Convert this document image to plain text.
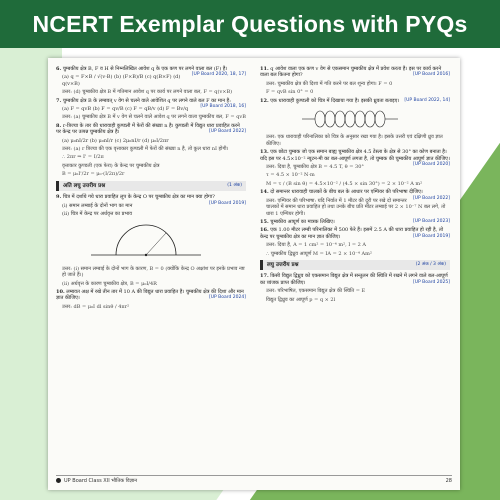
NCERT Exemplar Questions with PYQs
6. चुम्बकीय क्षेत्र B, F व H से निम्नलिखित आवेश q के एक कण पर लगने वाला बल (F) है।
[UP Board 2020, 18, 17]
(a) q = F×B / √(v·B) (b) (F×B)/B (c) q(B×F) (d) q(v×B)
उत्तर: (d) चुम्बकीय क्षेत्र B में गतिमान आवेश q पर कार्य पर लगने वाला बल, F = q(v×B)
7. चुम्बकीय क्षेत्र B के लम्बवत् v वेग से चलने वाले आवेशित q पर लगने वाले बल F का मान है:
[UP Board 2018, 16]
(a) F = qvB (b) F = qv/B (c) F = qB/v (d) F = Bv/q
उत्तर: (a) चुम्बकीय क्षेत्र B में v वेग से चलने वाले आवेश q पर लगने वाला चुम्बकीय बल, F = qvB
8. r-त्रिज्या के तार की धारावाही कुण्डली में फेरों की संख्या n है। कुण्डली में विद्युत धारा प्रवाहित करने पर केन्द्र पर उत्पन्न चुम्बकीय क्षेत्र है।	[UP Board 2022]
(a) μ₀nI/2r (b) μ₀nI/r (c) 2μ₀nI/r (d) μ₀I/2πr
उत्तर: (a) r त्रिज्या की एक वृत्ताकार कुण्डली में फेरों की संख्या n है, तो कुल धारा nI होगी।
∴ 2πr ⇒ I' = I/2π
वृत्ताकार कुण्डली (एक फेरा) के केन्द्र पर चुम्बकीय क्षेत्र
B = μ₀I'/2r = μ₀·(I/2π)/2r
अति लघु उत्तरीय प्रश्न	(1 अंक)
9. चित्र में दर्शाये गये धारा प्रवाहित लूप के केन्द्र O पर चुम्बकीय क्षेत्र का मान क्या होगा?
[UP Board 2019]
(i) समान लम्बाई के दोनों भाग का मान
(ii) चित्र में केन्द्र पर अर्धवृत्त का प्रभाव
उत्तर: (i) समान लम्बाई के दोनों भाग के कारण, B = 0 (क्योंकि केन्द्र O अक्षांश पर इनके प्रभाव नष्ट हो जाते हैं।)
(ii) अर्धवृत्त के कारण चुम्बकीय क्षेत्र, B = μ₀I/4R
10. लम्बवत अक्ष में रखे तीन तार में 10 A की विद्युत धारा प्रवाहित है। चुम्बकीय क्षेत्र की दिशा और मान ज्ञात कीजिए।	[UP Board 2024]
उत्तर: dB = μ₀I dl sinθ / 4πr²
11. q आवेश वाला एक कण v वेग से एकसमान चुम्बकीय क्षेत्र में प्रवेश करता है। इस पर कार्य करने वाला बल कितना होगा?	[UP Board 2016]
उत्तर: चुम्बकीय क्षेत्र की दिशा में गति करने पर बल शून्य होगा। F = 0
F = qvB sin 0° = 0
12. एक धारावाही कुण्डली को चित्र में दिखाया गया है। इसकी ध्रुवता बताइए। [UP Board 2022, 14]
उत्तर: एक धारावाही परिनालिका को चित्र के अनुसार रखा गया है। इसके उत्तरी एवं दक्षिणी ध्रुव ज्ञात कीजिए।
13. एक छोटा चुम्बक जो एक समान बाह्य चुम्बकीय क्षेत्र 4.5 टेस्ला के क्षेत्र से 30° का कोण बनाता है। यदि इस पर 4.5×10⁻² न्यूटन-मी का बल-आघूर्ण लगता है, तो चुम्बक की चुम्बकीय आघूर्ण ज्ञात कीजिए।
[UP Board 2020]
उत्तर: दिया है, चुम्बकीय क्षेत्र B = 4.5 T, θ = 30°
τ = 4.5 × 10⁻² N·m
M = τ / (B sin θ) = 4.5×10⁻² / (4.5 × sin 30°) = 2 × 10⁻² A m²
14. दो समान्तर धारावाही चालकों के बीच बल के आधार पर एम्पियर की परिभाषा दीजिए।
[UP Board 2022]
उत्तर: एम्पियर की परिभाषा: यदि निर्वात में 1 मीटर की दूरी पर रखे दो समान्तर चालकों में समान धारा प्रवाहित हो तथा उनके बीच प्रति मीटर लम्बाई पर 2 × 10⁻⁷ N बल लगे, तो धारा 1 एम्पियर होगी।
15. चुम्बकीय आघूर्ण का मात्रक लिखिए।	[UP Board 2023]
16. एक 1.00 मीटर लम्बी परिनालिका में 500 फेरे हैं। इसमें 2.5 A की धारा प्रवाहित हो रही है, तो केन्द्र पर चुम्बकीय क्षेत्र का मान ज्ञात कीजिए।	[UP Board 2019]
उत्तर: दिया है, A = 1 cm² = 10⁻⁴ m², I = 2 A
∴ चुम्बकीय द्विध्रुव आघूर्ण M = IA = 2 × 10⁻⁴ Am²
लघु उत्तरीय प्रश्न	(2 अंक / 3 अंक)
17. किसी विद्युत द्विध्रुव को एकसमान विद्युत क्षेत्र में सन्तुलन की स्थिति में रखने में लगने वाले बल-आघूर्ण का व्यंजक प्राप्त कीजिए।	[UP Board 2025]
उत्तर: परिभाषित, एकसमान विद्युत क्षेत्र की स्थिति = E
विद्युत द्विध्रुव का आघूर्ण p = q × 2l
UP Board Class XII भौतिक विज्ञान	28
